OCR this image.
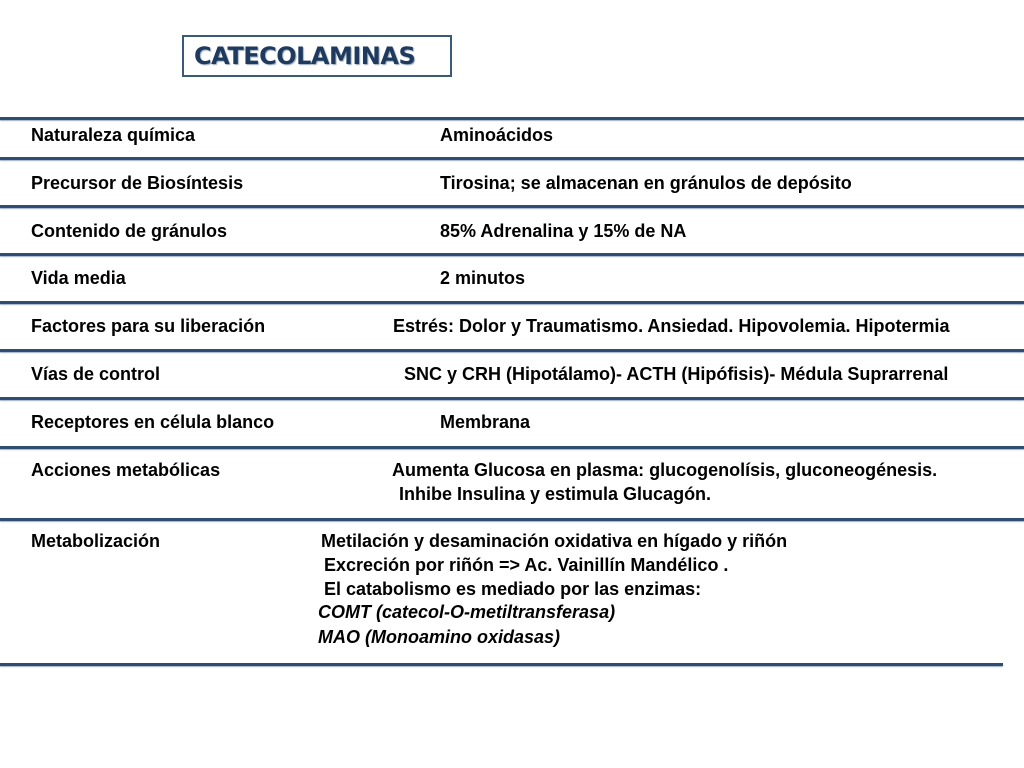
CATECOLAMINAS
Naturaleza química	Aminoácidos
Precursor de Biosíntesis	Tirosina; se almacenan en gránulos de depósito
Contenido de gránulos	85% Adrenalina y 15% de NA
Vida media	2 minutos
Factores para su liberación	Estrés: Dolor y Traumatismo. Ansiedad. Hipovolemia. Hipotermia
Vías de control	SNC y CRH (Hipotálamo)- ACTH (Hipófisis)- Médula Suprarrenal
Receptores en célula blanco	Membrana
Acciones metabólicas	Aumenta Glucosa en plasma: glucogenolísis, gluconeogénesis.
Inhibe Insulina y estimula Glucagón.
Metabolización	Metilación y desaminación oxidativa en hígado y riñón
Excreción por riñón => Ac. Vainillín Mandélico .
El catabolismo es mediado por las enzimas:
COMT (catecol-O-metiltransferasa)
MAO (Monoamino oxidasas)
